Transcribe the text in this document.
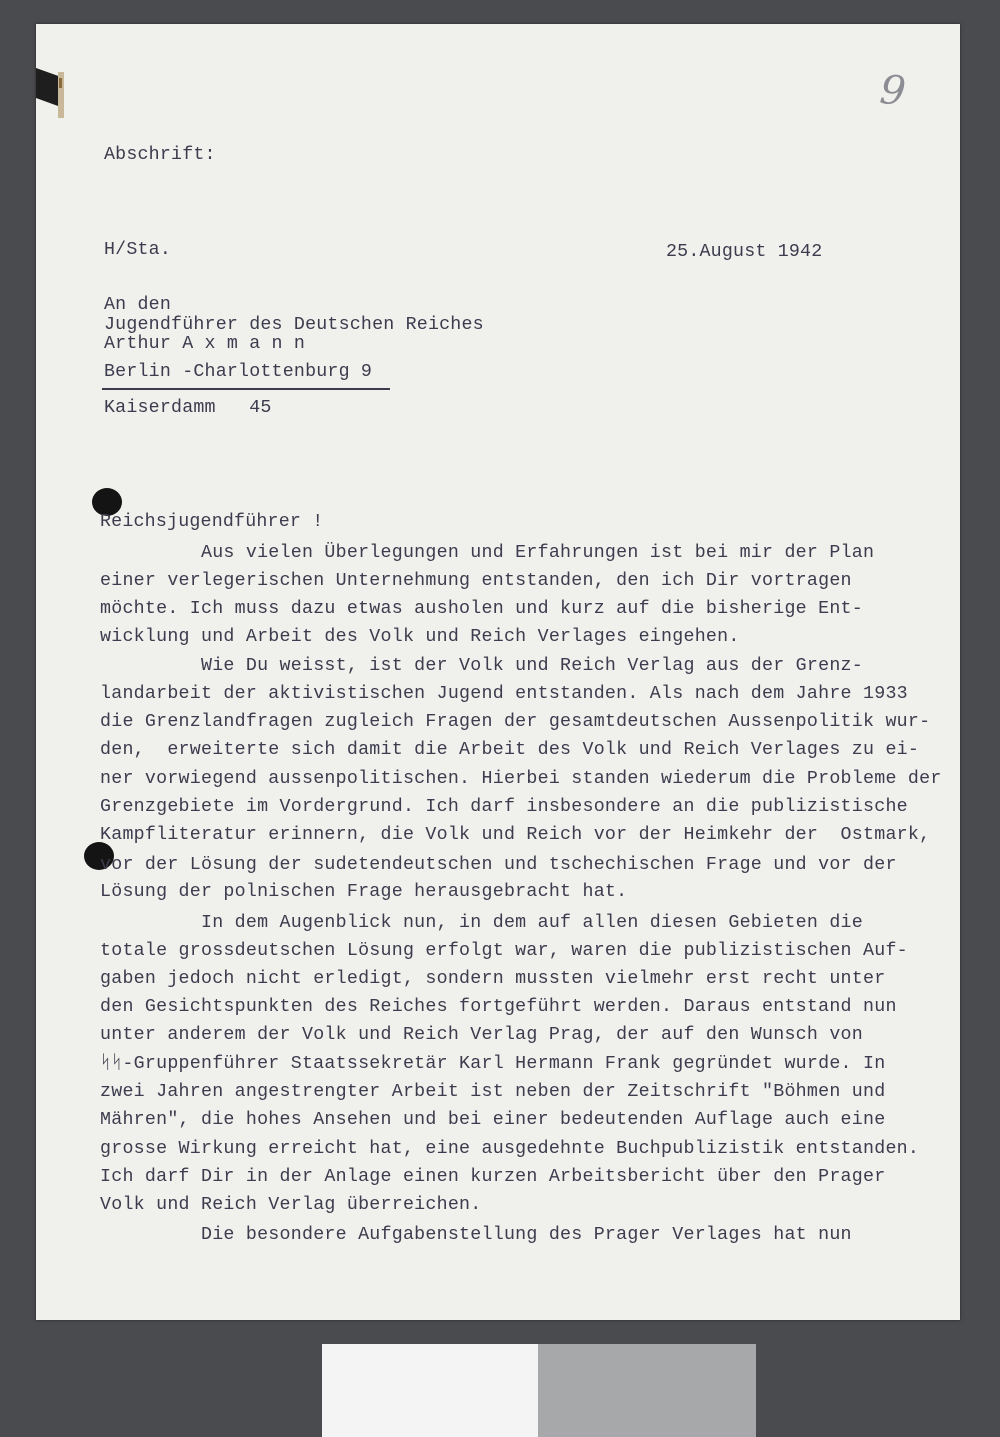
9
Abschrift:
H/Sta.	25.August 1942
An den
Jugendführer des Deutschen Reiches
Arthur A x m a n n
Berlin -Charlottenburg 9
Kaiserdamm   45
Reichsjugendführer !
Aus vielen Überlegungen und Erfahrungen ist bei mir der Plan
einer verlegerischen Unternehmung entstanden, den ich Dir vortragen
möchte. Ich muss dazu etwas ausholen und kurz auf die bisherige Ent-
wicklung und Arbeit des Volk und Reich Verlages eingehen.
Wie Du weisst, ist der Volk und Reich Verlag aus der Grenz-
landarbeit der aktivistischen Jugend entstanden. Als nach dem Jahre 1933
die Grenzlandfragen zugleich Fragen der gesamtdeutschen Aussenpolitik wur-
den,  erweiterte sich damit die Arbeit des Volk und Reich Verlages zu ei-
ner vorwiegend aussenpolitischen. Hierbei standen wiederum die Probleme der
Grenzgebiete im Vordergrund. Ich darf insbesondere an die publizistische
Kampfliteratur erinnern, die Volk und Reich vor der Heimkehr der  Ostmark,
vor der Lösung der sudetendeutschen und tschechischen Frage und vor der
Lösung der polnischen Frage herausgebracht hat.
In dem Augenblick nun, in dem auf allen diesen Gebieten die
totale grossdeutschen Lösung erfolgt war, waren die publizistischen Auf-
gaben jedoch nicht erledigt, sondern mussten vielmehr erst recht unter
den Gesichtspunkten des Reiches fortgeführt werden. Daraus entstand nun
unter anderem der Volk und Reich Verlag Prag, der auf den Wunsch von
ᛋᛋ-Gruppenführer Staatssekretär Karl Hermann Frank gegründet wurde. In
zwei Jahren angestrengter Arbeit ist neben der Zeitschrift "Böhmen und
Mähren", die hohes Ansehen und bei einer bedeutenden Auflage auch eine
grosse Wirkung erreicht hat, eine ausgedehnte Buchpublizistik entstanden.
Ich darf Dir in der Anlage einen kurzen Arbeitsbericht über den Prager
Volk und Reich Verlag überreichen.
Die besondere Aufgabenstellung des Prager Verlages hat nun
